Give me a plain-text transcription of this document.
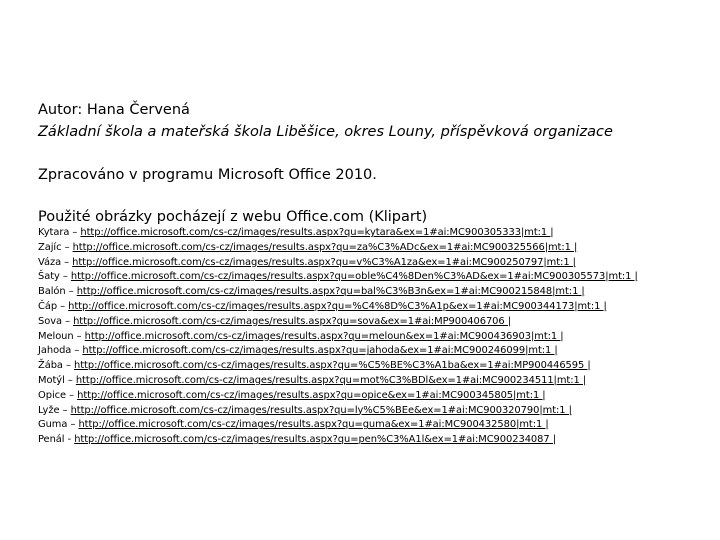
Autor: Hana Červená
Základní škola a mateřská škola Liběšice, okres Louny, příspěvková organizace
Zpracováno v programu Microsoft Office 2010.
Použité obrázky pocházejí z webu Office.com (Klipart)
Kytara – http://office.microsoft.com/cs-cz/images/results.aspx?qu=kytara&ex=1#ai:MC900305333|mt:1 |
Zajíc – http://office.microsoft.com/cs-cz/images/results.aspx?qu=za%C3%ADc&ex=1#ai:MC900325566|mt:1 |
Váza – http://office.microsoft.com/cs-cz/images/results.aspx?qu=v%C3%A1za&ex=1#ai:MC900250797|mt:1 |
Šaty – http://office.microsoft.com/cs-cz/images/results.aspx?qu=oble%C4%8Den%C3%AD&ex=1#ai:MC900305573|mt:1 |
Balón – http://office.microsoft.com/cs-cz/images/results.aspx?qu=bal%C3%B3n&ex=1#ai:MC900215848|mt:1 |
Čáp – http://office.microsoft.com/cs-cz/images/results.aspx?qu=%C4%8D%C3%A1p&ex=1#ai:MC900344173|mt:1 |
Sova – http://office.microsoft.com/cs-cz/images/results.aspx?qu=sova&ex=1#ai:MP900406706 |
Meloun – http://office.microsoft.com/cs-cz/images/results.aspx?qu=meloun&ex=1#ai:MC900436903|mt:1 |
Jahoda – http://office.microsoft.com/cs-cz/images/results.aspx?qu=jahoda&ex=1#ai:MC900246099|mt:1 |
Žába – http://office.microsoft.com/cs-cz/images/results.aspx?qu=%C5%BE%C3%A1ba&ex=1#ai:MP900446595 |
Motýl – http://office.microsoft.com/cs-cz/images/results.aspx?qu=mot%C3%BDl&ex=1#ai:MC900234511|mt:1 |
Opice – http://office.microsoft.com/cs-cz/images/results.aspx?qu=opice&ex=1#ai:MC900345805|mt:1 |
Lyže – http://office.microsoft.com/cs-cz/images/results.aspx?qu=ly%C5%BEe&ex=1#ai:MC900320790|mt:1 |
Guma – http://office.microsoft.com/cs-cz/images/results.aspx?qu=guma&ex=1#ai:MC900432580|mt:1 |
Penál - http://office.microsoft.com/cs-cz/images/results.aspx?qu=pen%C3%A1l&ex=1#ai:MC900234087 |
